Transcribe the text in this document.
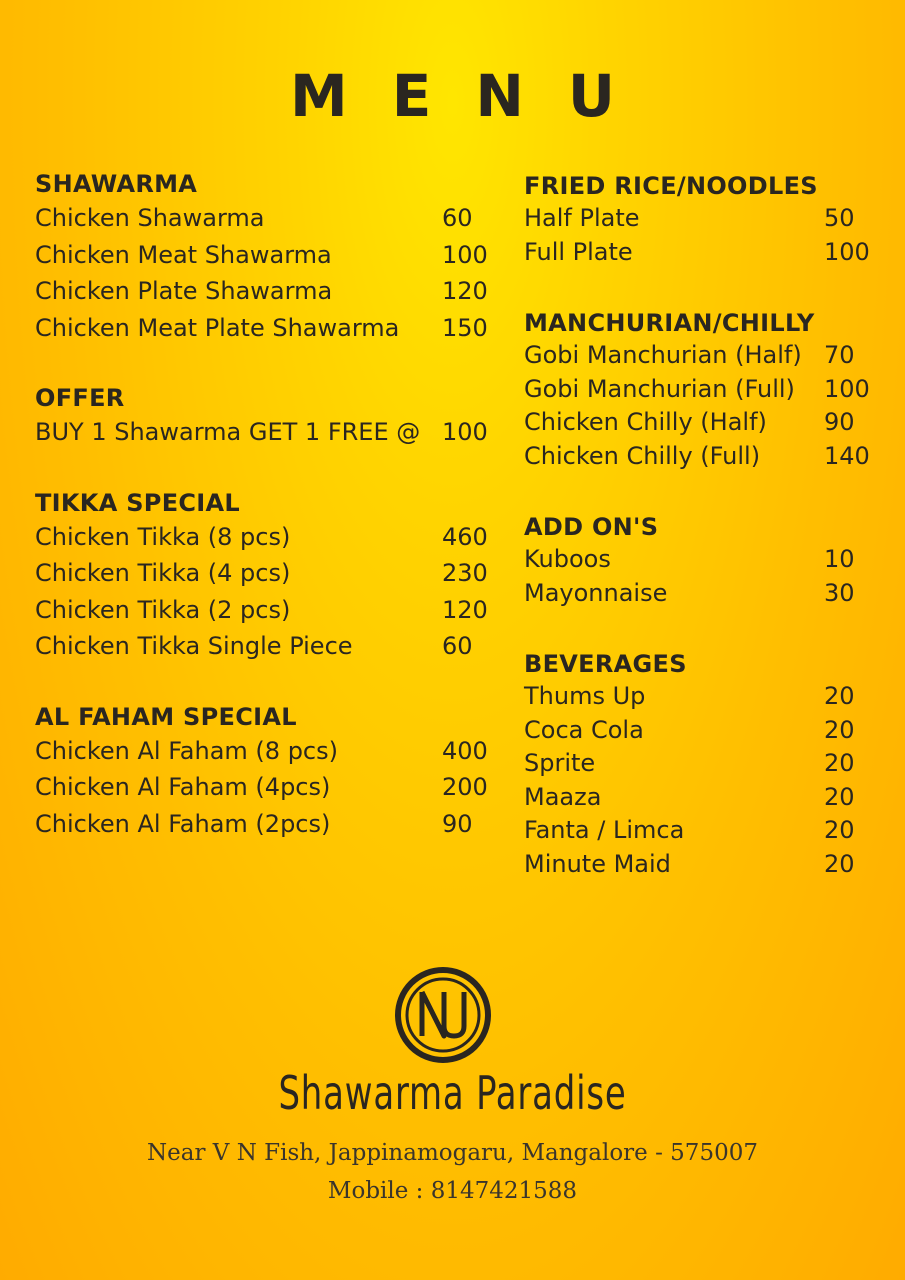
MENU
SHAWARMA
Chicken Shawarma	60
Chicken Meat Shawarma	100
Chicken Plate Shawarma	120
Chicken Meat Plate Shawarma 150
OFFER
BUY 1 Shawarma GET 1 FREE @ 100
TIKKA SPECIAL
Chicken Tikka (8 pcs)	460
Chicken Tikka (4 pcs)	230
Chicken Tikka (2 pcs)	120
Chicken Tikka Single Piece	60
AL FAHAM SPECIAL
Chicken Al Faham (8 pcs)	400
Chicken Al Faham (4pcs)	200
Chicken Al Faham (2pcs)	90
FRIED RICE/NOODLES
Half Plate	50
Full Plate	100
MANCHURIAN/CHILLY
Gobi Manchurian (Half) 70
Gobi Manchurian (Full) 100
Chicken Chilly (Half) 90
Chicken Chilly (Full)	140
ADD ON'S
Kuboos	10
Mayonnaise	30
BEVERAGES
Thums Up	20
Coca Cola	20
Sprite	20
Maaza	20
Fanta / Limca	20
Minute Maid	20
Shawarma Paradise
Near V N Fish, Jappinamogaru, Mangalore - 575007
Mobile : 8147421588
